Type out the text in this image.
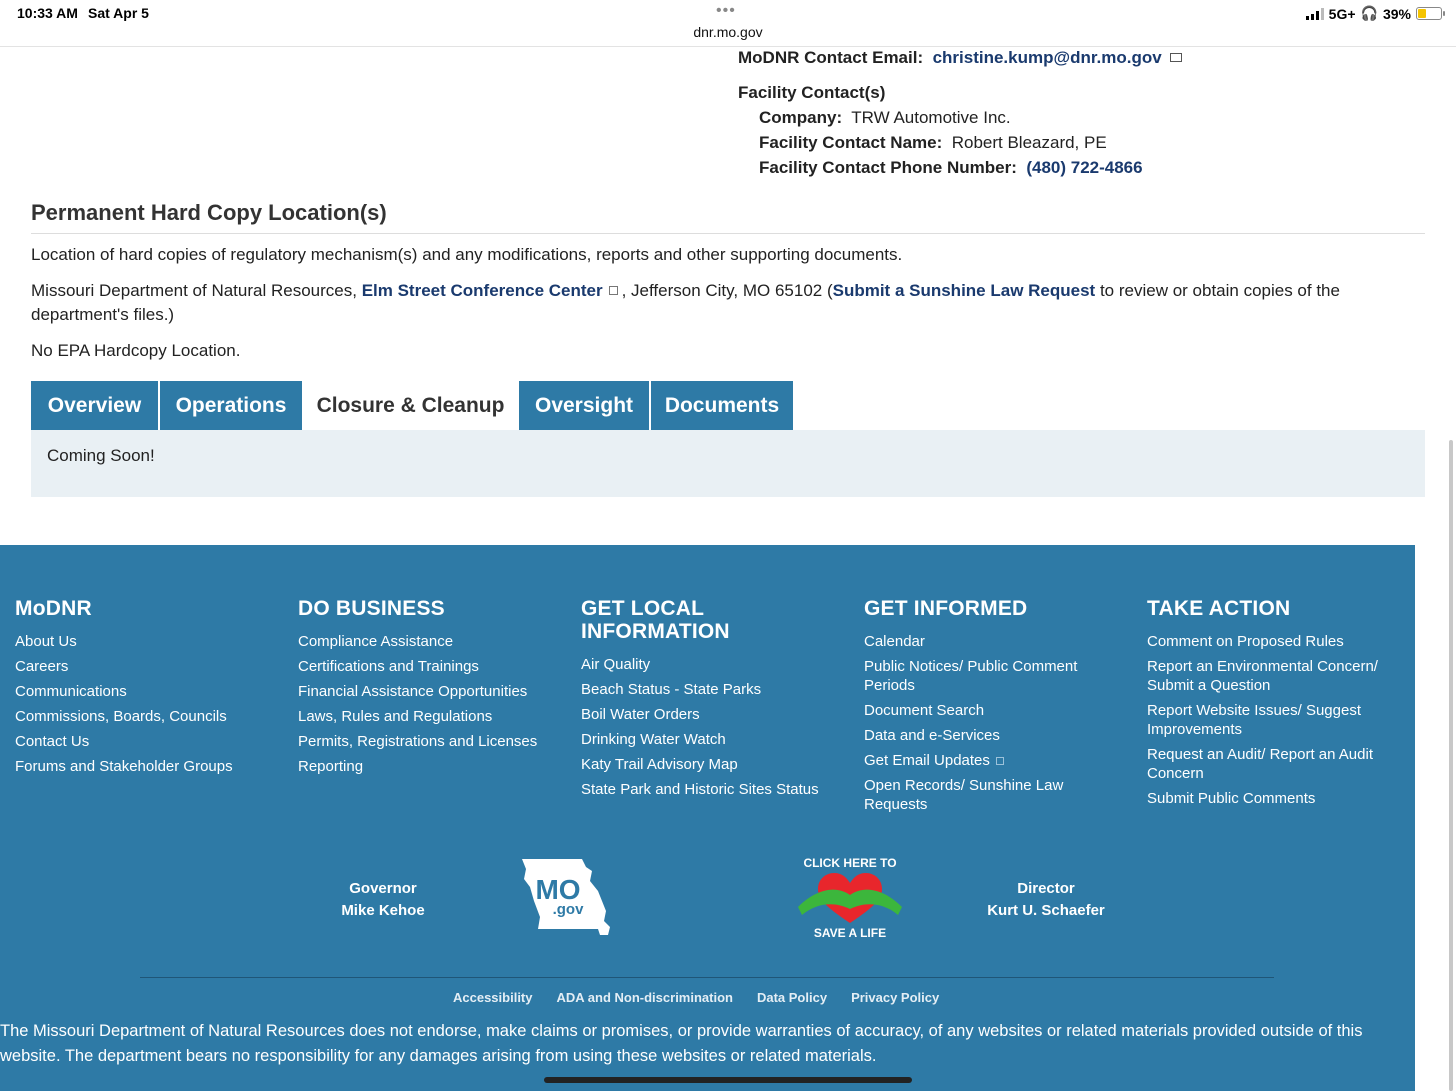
10:33 AM Sat Apr 5	•••
dnr.mo.gov
5G+ 🎧 39%
MoDNR Contact Email: christine.kump@dnr.mo.gov
Facility Contact(s)
Company: TRW Automotive Inc.
Facility Contact Name: Robert Bleazard, PE
Facility Contact Phone Number: (480) 722-4866
Permanent Hard Copy Location(s)
Location of hard copies of regulatory mechanism(s) and any modifications, reports and other supporting documents.
Missouri Department of Natural Resources, Elm Street Conference Center , Jefferson City, MO 65102 (Submit a Sunshine Law Request to review or obtain copies of the department's files.)
No EPA Hardcopy Location.
Overview	Operations	Closure & Cleanup	Oversight	Documents
Coming Soon!
MoDNR
About Us
Careers
Communications
Commissions, Boards, Councils
Contact Us
Forums and Stakeholder Groups
DO BUSINESS
Compliance Assistance
Certifications and Trainings
Financial Assistance Opportunities
Laws, Rules and Regulations
Permits, Registrations and Licenses
Reporting
GET LOCAL INFORMATION
Air Quality
Beach Status - State Parks
Boil Water Orders
Drinking Water Watch
Katy Trail Advisory Map
State Park and Historic Sites Status
GET INFORMED
Calendar
Public Notices/ Public Comment Periods
Document Search
Data and e-Services
Get Email Updates
Open Records/ Sunshine Law Requests
TAKE ACTION
Comment on Proposed Rules
Report an Environmental Concern/ Submit a Question
Report Website Issues/ Suggest Improvements
Request an Audit/ Report an Audit Concern
Submit Public Comments
Governor
Mike Kehoe
MO
.gov
CLICK HERE TO
SAVE A LIFE
Director
Kurt U. Schaefer
Accessibility ADA and Non-discrimination Data Policy Privacy Policy
The Missouri Department of Natural Resources does not endorse, make claims or promises, or provide warranties of accuracy, of any websites or related materials provided outside of this website. The department bears no responsibility for any damages arising from using these websites or related materials.
